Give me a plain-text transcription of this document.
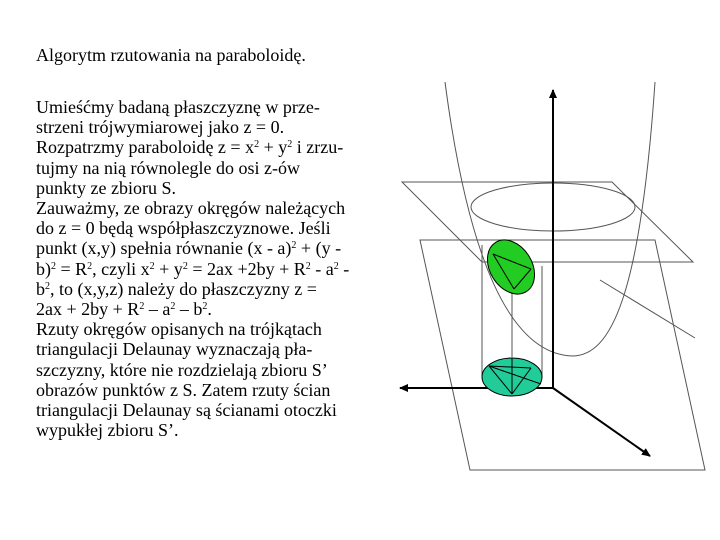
Algorytm rzutowania na paraboloidę.
Umieśćmy badaną płaszczyznę w prze-
strzeni trójwymiarowej jako z = 0.
Rozpatrzmy paraboloidę $z = x^2 + y^2$ i zrzu-
tujmy na nią równolegle do osi z-ów
punkty ze zbioru S.
Zauważmy, ze obrazy okręgów należących
do z = 0 będą współpłaszczyznowe. Jeśli
punkt (x,y) spełnia równanie (x - a)$^2$ + (y -
$b)^2 = R^2$, czyli $x^2 + y^2 = 2ax +2by + R^2 - a^2$ -
$b^2$, to (x,y,z) należy do płaszczyzny z =
$2ax + 2by + R^2 - a^2 - b^2$.
Rzuty okręgów opisanych na trójkątach
triangulacji Delaunay wyznaczają pła-
szczyzny, które nie rozdzielają zbioru S’
obrazów punktów z S. Zatem rzuty ścian
triangulacji Delaunay są ścianami otoczki
wypukłej zbioru S’.
